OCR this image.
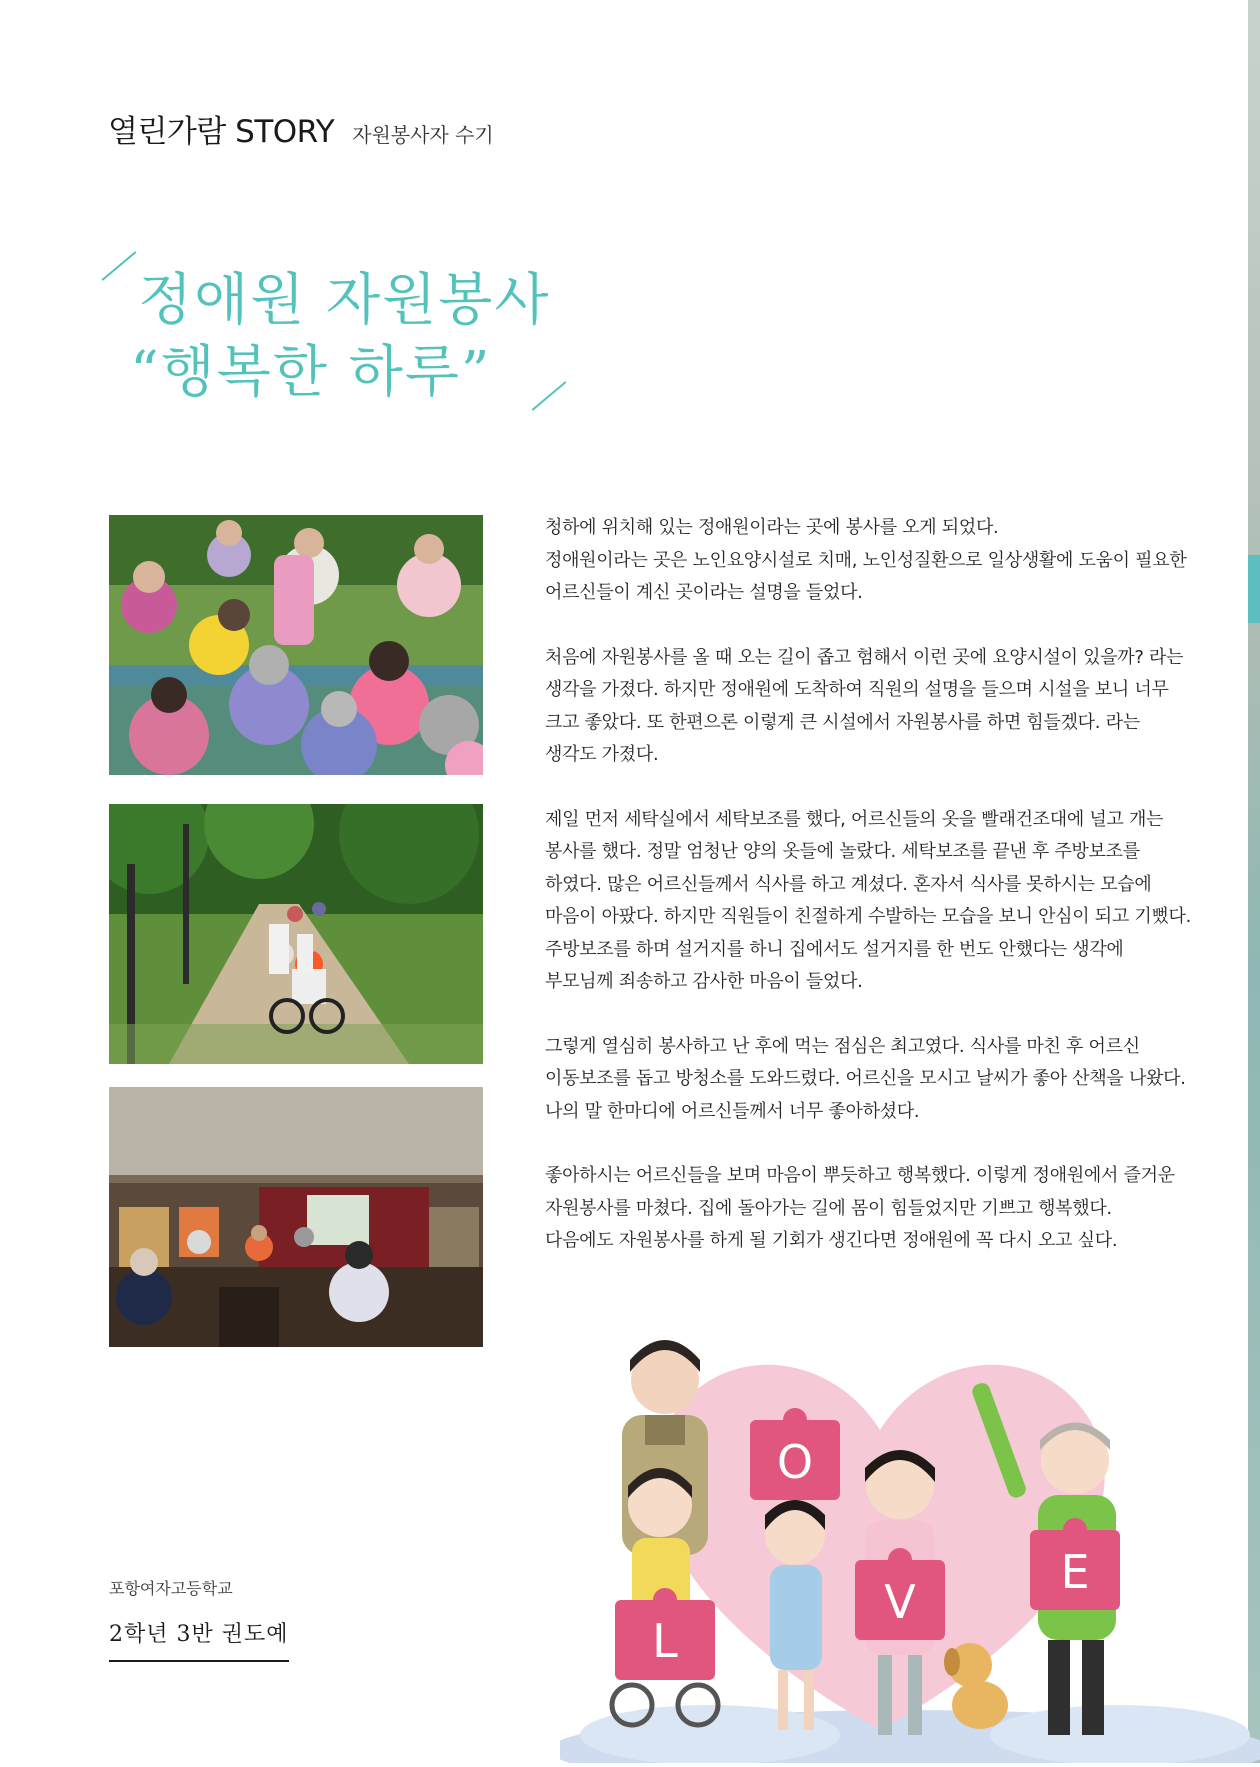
열린가람 STORY 자원봉사자 수기
정애원 자원봉사
“행복한 하루”

청하에 위치해 있는 정애원이라는 곳에 봉사를 오게 되었다.
정애원이라는 곳은 노인요양시설로 치매, 노인성질환으로 일상생활에 도움이 필요한 어르신들이 계신 곳이라는 설명을 들었다.

처음에 자원봉사를 올 때 오는 길이 좁고 험해서 이런 곳에 요양시설이 있을까? 라는 생각을 가졌다. 하지만 정애원에 도착하여 직원의 설명을 들으며 시설을 보니 너무 크고 좋았다. 또 한편으론 이렇게 큰 시설에서 자원봉사를 하면 힘들겠다. 라는 생각도 가졌다.

제일 먼저 세탁실에서 세탁보조를 했다, 어르신들의 옷을 빨래건조대에 널고 개는 봉사를 했다. 정말 엄청난 양의 옷들에 놀랐다. 세탁보조를 끝낸 후 주방보조를 하였다. 많은 어르신들께서 식사를 하고 계셨다. 혼자서 식사를 못하시는 모습에 마음이 아팠다. 하지만 직원들이 친절하게 수발하는 모습을 보니 안심이 되고 기뻤다. 주방보조를 하며 설거지를 하니 집에서도 설거지를 한 번도 안했다는 생각에 부모님께 죄송하고 감사한 마음이 들었다.

그렇게 열심히 봉사하고 난 후에 먹는 점심은 최고였다. 식사를 마친 후 어르신 이동보조를 돕고 방청소를 도와드렸다. 어르신을 모시고 날씨가 좋아 산책을 나왔다. 나의 말 한마디에 어르신들께서 너무 좋아하셨다.

좋아하시는 어르신들을 보며 마음이 뿌듯하고 행복했다. 이렇게 정애원에서 즐거운 자원봉사를 마쳤다. 집에 돌아가는 길에 몸이 힘들었지만 기쁘고 행복했다.
다음에도 자원봉사를 하게 될 기회가 생긴다면 정애원에 꼭 다시 오고 싶다.

포항여자고등학교
2학년 3반 권도예	L
O
V
E
